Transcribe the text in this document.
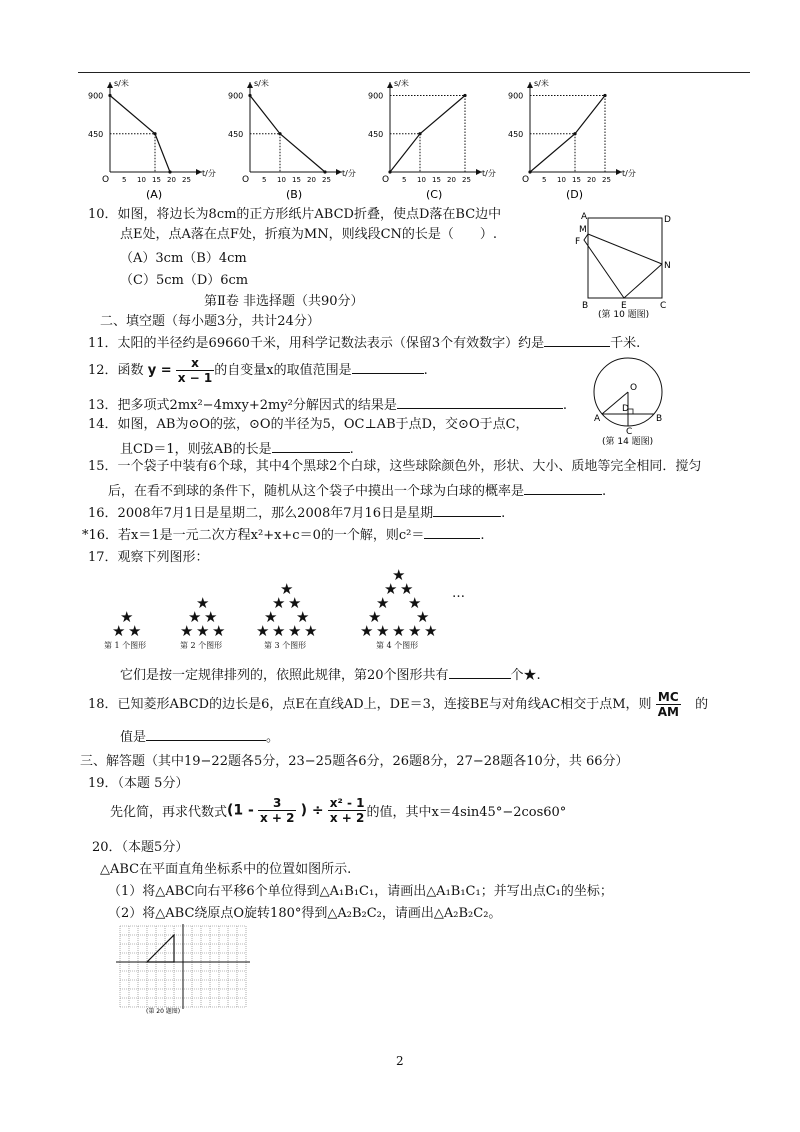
s/米
t/分
O
900
450
5 10 15 20 25
(A)
s/米
t/分
O
900
450
5 10 15 20 25
(B)
s/米
t/分
O
900
450
5 10 15 20 25
(C)
s/米
t/分
O
900
450
5 10 15 20 25
(D)
10．如图，将边长为8cm的正方形纸片ABCD折叠，使点D落在BC边中
点E处，点A落在点F处，折痕为MN，则线段CN的长是（　　）.
（A）3cm（B）4cm
（C）5cm（D）6cm
A	D
M
F
N
B	E	C
(第 10 题图)
第Ⅱ卷 非选择题（共90分）
二、填空题（每小题3分，共计24分）
11．太阳的半径约是69660千米，用科学记数法表示（保留3个有效数字）约是	千米.
12．函数 $y = \frac{x}{x - 1}$ 的自变量x的取值范围是	.
13．把多项式2mx²−4mxy+2my²分解因式的结果是	.
14．如图，AB为⊙O的弦，⊙O的半径为5，OC⊥AB于点D，交⊙O于点C，
且CD＝1，则弦AB的长是	.
O
A	B
D
C
(第 14 题图)
15．一个袋子中装有6个球，其中4个黑球2个白球，这些球除颜色外，形状、大小、质地等完全相同．搅匀
后，在看不到球的条件下，随机从这个袋子中摸出一个球为白球的概率是	.
16．2008年7月1日是星期二，那么2008年7月16日是星期	.
*16．若x＝1是一元二次方程x²+x+c＝0的一个解，则c²＝	.
17．观察下列图形：
★
★ ★
第 1 个图形
★
★ ★
★ ★ ★
第 2 个图形
★
★ ★
★ ★
★ ★ ★ ★
第 3 个图形
★
★ ★
★ ★
★ ★
★ ★ ★ ★ ★
第 4 个图形
…
它们是按一定规律排列的，依照此规律，第20个图形共有	个★.
18．已知菱形ABCD的边长是6，点E在直线AD上，DE＝3，连接BE与对角线AC相交于点M，则 $\frac{MC}{AM}$ 的
值是	。
三、解答题（其中19−22题各5分，23−25题各6分，26题8分，27−28题各10分，共 66分）
19．（本题 5分）
先化简，再求代数式($1 - \frac{3}{x + 2}$ ) ÷ $\frac{\text{x² - 1}}{x + 2}$ 的值，其中x＝4sin45°−2cos60°
20．（本题5分）
△ABC在平面直角坐标系中的位置如图所示.
（1）将△ABC向右平移6个单位得到△A₁B₁C₁，请画出△A₁B₁C₁；并写出点C₁的坐标；
（2）将△ABC绕原点O旋转180°得到△A₂B₂C₂，请画出△A₂B₂C₂。
(第 20 题图)
2
